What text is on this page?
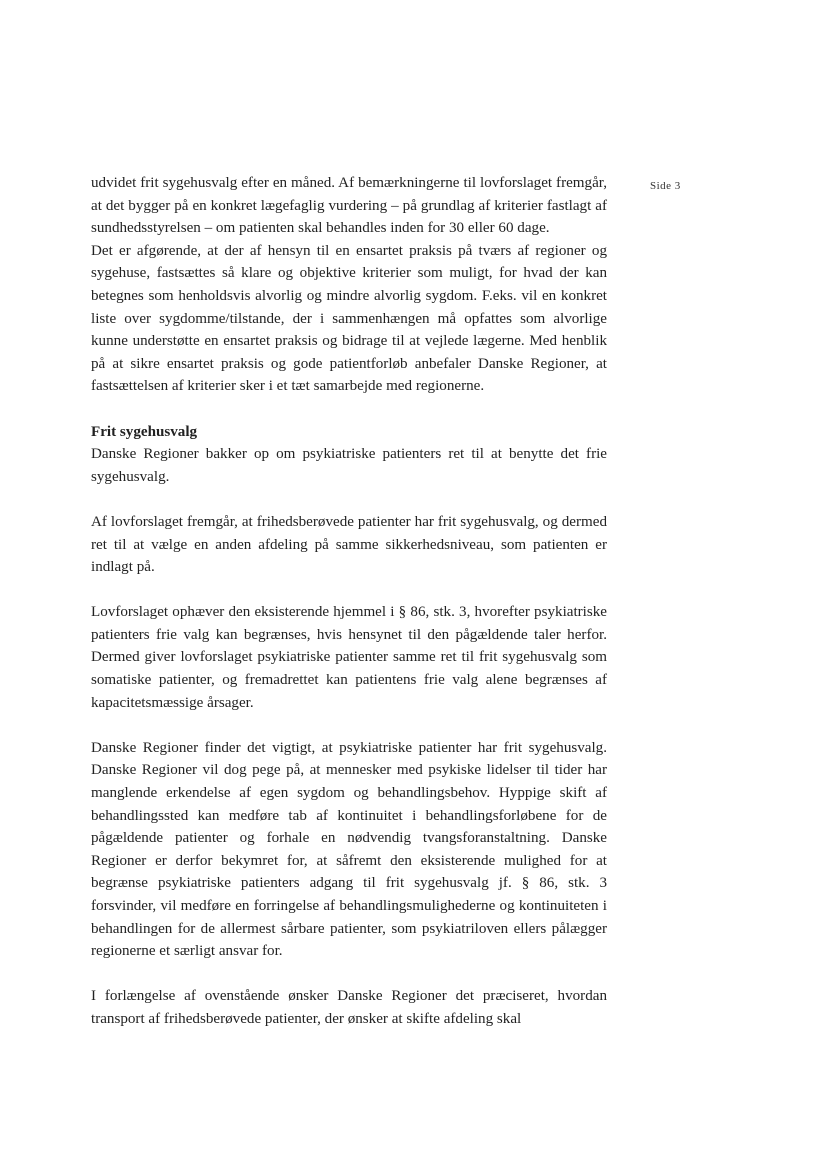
Side 3

udvidet frit sygehusvalg efter en måned. Af bemærkningerne til lovforslaget fremgår, at det bygger på en konkret lægefaglig vurdering – på grundlag af kriterier fastlagt af sundhedsstyrelsen – om patienten skal behandles inden for 30 eller 60 dage.

Det er afgørende, at der af hensyn til en ensartet praksis på tværs af regioner og sygehuse, fastsættes så klare og objektive kriterier som muligt, for hvad der kan betegnes som henholdsvis alvorlig og mindre alvorlig sygdom. F.eks. vil en konkret liste over sygdomme/tilstande, der i sammenhængen må opfattes som alvorlige kunne understøtte en ensartet praksis og bidrage til at vejlede lægerne. Med henblik på at sikre ensartet praksis og gode patientforløb anbefaler Danske Regioner, at fastsættelsen af kriterier sker i et tæt samarbejde med regionerne.

Frit sygehusvalg

Danske Regioner bakker op om psykiatriske patienters ret til at benytte det frie sygehusvalg.

Af lovforslaget fremgår, at frihedsberøvede patienter har frit sygehusvalg, og dermed ret til at vælge en anden afdeling på samme sikkerhedsniveau, som patienten er indlagt på.

Lovforslaget ophæver den eksisterende hjemmel i § 86, stk. 3, hvorefter psykiatriske patienters frie valg kan begrænses, hvis hensynet til den pågældende taler herfor. Dermed giver lovforslaget psykiatriske patienter samme ret til frit sygehusvalg som somatiske patienter, og fremadrettet kan patientens frie valg alene begrænses af kapacitetsmæssige årsager.

Danske Regioner finder det vigtigt, at psykiatriske patienter har frit sygehusvalg. Danske Regioner vil dog pege på, at mennesker med psykiske lidelser til tider har manglende erkendelse af egen sygdom og behandlingsbehov. Hyppige skift af behandlingssted kan medføre tab af kontinuitet i behandlingsforløbene for de pågældende patienter og forhale en nødvendig tvangsforanstaltning. Danske Regioner er derfor bekymret for, at såfremt den eksisterende mulighed for at begrænse psykiatriske patienters adgang til frit sygehusvalg jf. § 86, stk. 3 forsvinder, vil medføre en forringelse af behandlingsmulighederne og kontinuiteten i behandlingen for de allermest sårbare patienter, som psykiatriloven ellers pålægger regionerne et særligt ansvar for.

I forlængelse af ovenstående ønsker Danske Regioner det præciseret, hvordan transport af frihedsberøvede patienter, der ønsker at skifte afdeling skal
